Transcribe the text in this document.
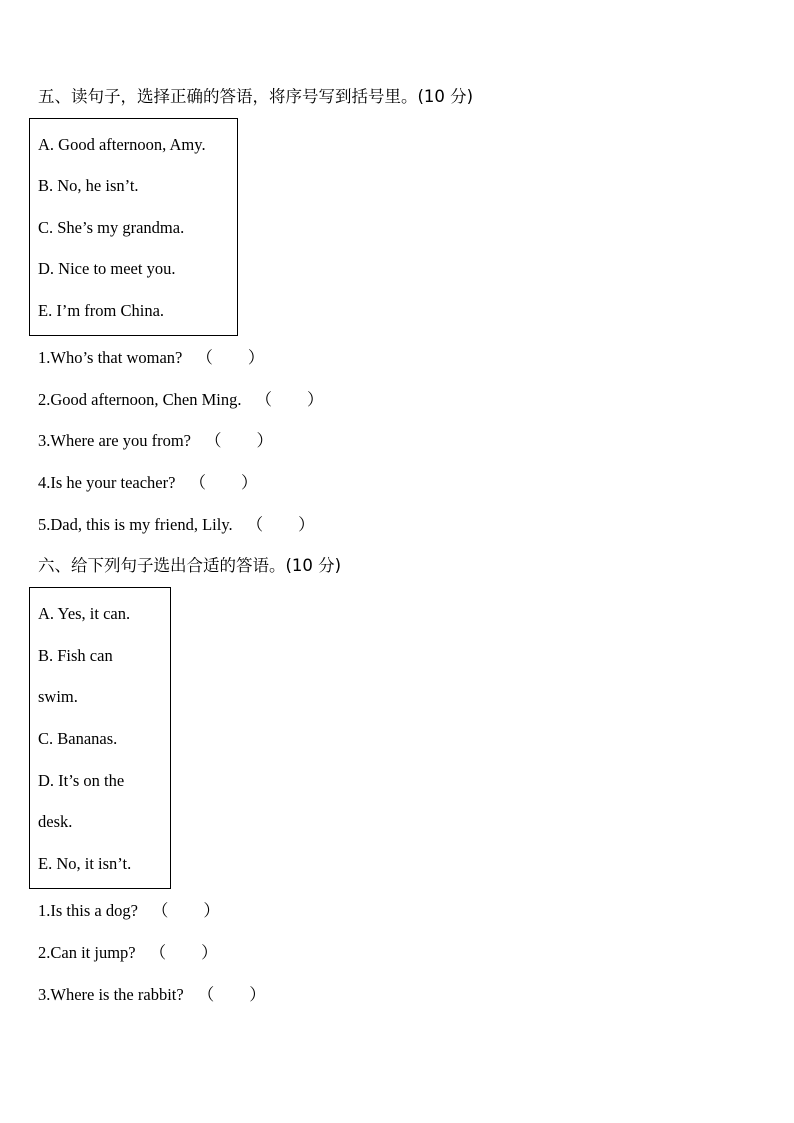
五、读句子，选择正确的答语，将序号写到括号里。(10 分)
A. Good afternoon, Amy.
B. No, he isn’t.
C. She’s my grandma.
D. Nice to meet you.
E. I’m from China.
1.Who’s that woman? （ ）
2.Good afternoon, Chen Ming. （ ）
3.Where are you from? （ ）
4.Is he your teacher? （ ）
5.Dad, this is my friend, Lily. （ ）
六、给下列句子选出合适的答语。(10 分)
A. Yes, it can.
B. Fish can
swim.
C. Bananas.
D. It’s on the
desk.
E. No, it isn’t.
1.Is this a dog? （ ）
2.Can it jump? （ ）
3.Where is the rabbit? （ ）
